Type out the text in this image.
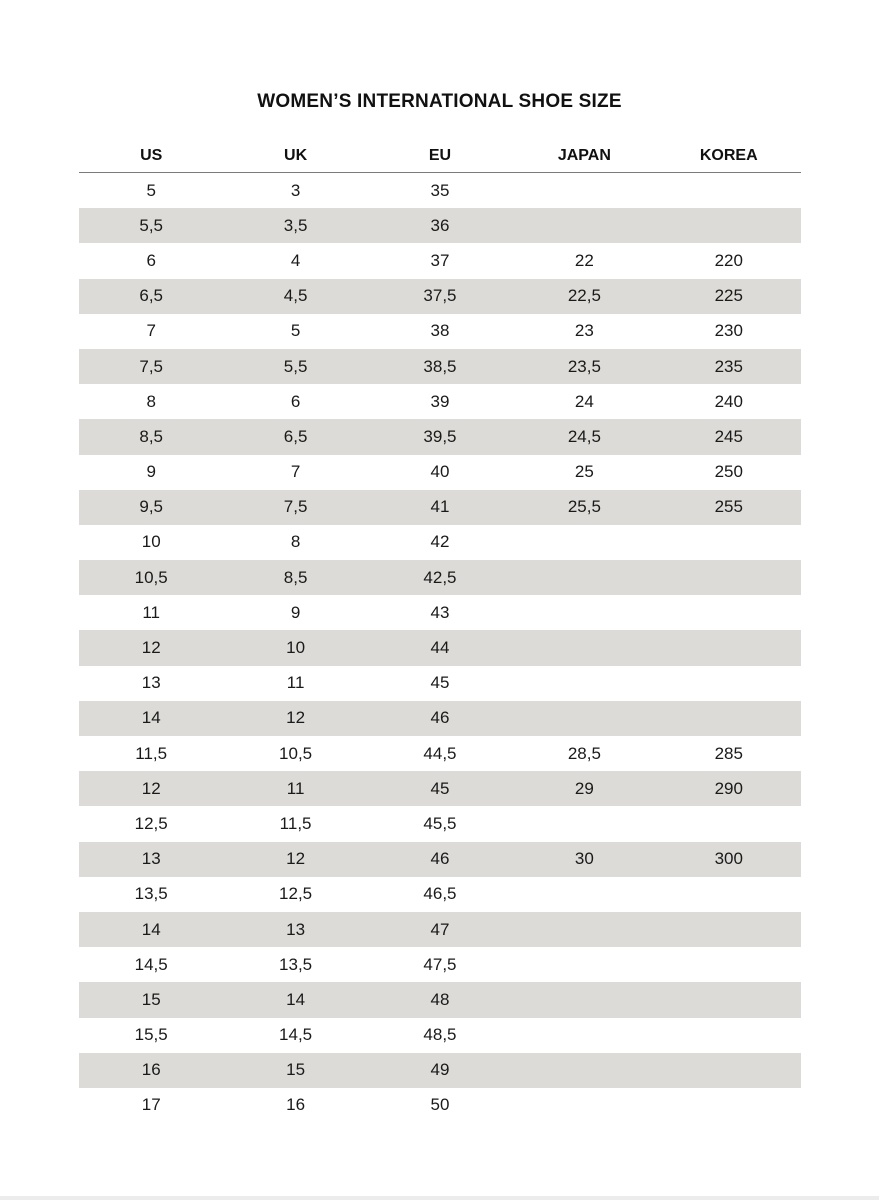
WOMEN’S INTERNATIONAL SHOE SIZE
US	UK	EU	JAPAN	KOREA
5	3	35
5,5	3,5	36
6	4	37	22	220
6,5	4,5	37,5	22,5	225
7	5	38	23	230
7,5	5,5	38,5	23,5	235
8	6	39	24	240
8,5	6,5	39,5	24,5	245
9	7	40	25	250
9,5	7,5	41	25,5	255
10	8	42
10,5	8,5	42,5
11	9	43
12	10	44
13	11	45
14	12	46
11,5	10,5	44,5	28,5	285
12	11	45	29	290
12,5	11,5	45,5
13	12	46	30	300
13,5	12,5	46,5
14	13	47
14,5	13,5	47,5
15	14	48
15,5	14,5	48,5
16	15	49
17	16	50
